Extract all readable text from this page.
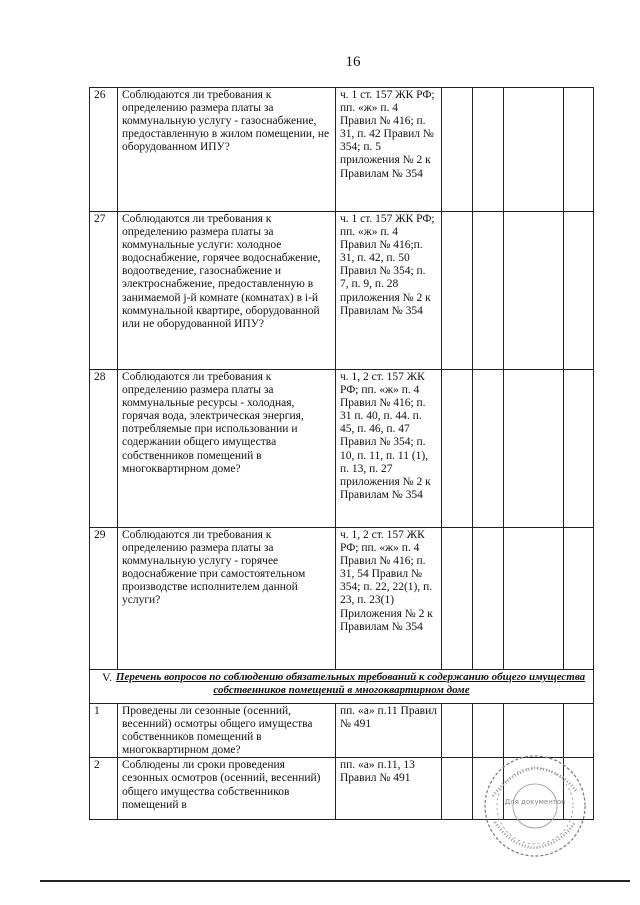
16
26	Соблюдаются ли требования к определению размера платы за коммунальную услугу - газоснабжение, предоставленную в жилом помещении, не оборудованном ИПУ?	ч. 1 ст. 157 ЖК РФ; пп. «ж» п. 4 Правил № 416; п. 31, п. 42 Правил № 354; п. 5 приложения № 2 к Правилам № 354				
27	Соблюдаются ли требования к определению размера платы за коммунальные услуги: холодное водоснабжение, горячее водоснабжение, водоотведение, газоснабжение и электроснабжение, предоставленную в занимаемой j-й комнате (комнатах) в i-й коммунальной квартире, оборудованной или не оборудованной ИПУ?	ч. 1 ст. 157 ЖК РФ; пп. «ж» п. 4 Правил № 416;п. 31, п. 42, п. 50 Правил № 354; п. 7, п. 9, п. 28 приложения № 2 к Правилам № 354				
28	Соблюдаются ли требования к определению размера платы за коммунальные ресурсы - холодная, горячая вода, электрическая энергия, потребляемые при использовании и содержании общего имущества собственников помещений в многоквартирном доме?	ч. 1, 2 ст. 157 ЖК РФ; пп. «ж» п. 4 Правил № 416; п. 31 п. 40, п. 44. п. 45, п. 46, п. 47 Правил № 354; п. 10, п. 11, п. 11 (1), п. 13, п. 27 приложения № 2 к Правилам № 354				
29	Соблюдаются ли требования к определению размера платы за коммунальную услугу - горячее водоснабжение при самостоятельном производстве исполнителем данной услуги?	ч. 1, 2 ст. 157 ЖК РФ; пп. «ж» п. 4 Правил № 416; п. 31, 54 Правил № 354; п. 22, 22(1), п. 23, п. 23(1) Приложения № 2 к Правилам № 354				

V. Перечень вопросов по соблюдению обязательных требований к содержанию общего имущества собственников помещений в многоквартирном доме						
1	Проведены ли сезонные (осенний, весенний) осмотры общего имущества собственников помещений в многоквартирном доме?	пп. «а» п.11 Правил № 491				
2	Соблюдены ли сроки проведения сезонных осмотров (осенний, весенний) общего имущества собственников помещений в	пп. «а» п.11, 13 Правил № 491				
Для документов
